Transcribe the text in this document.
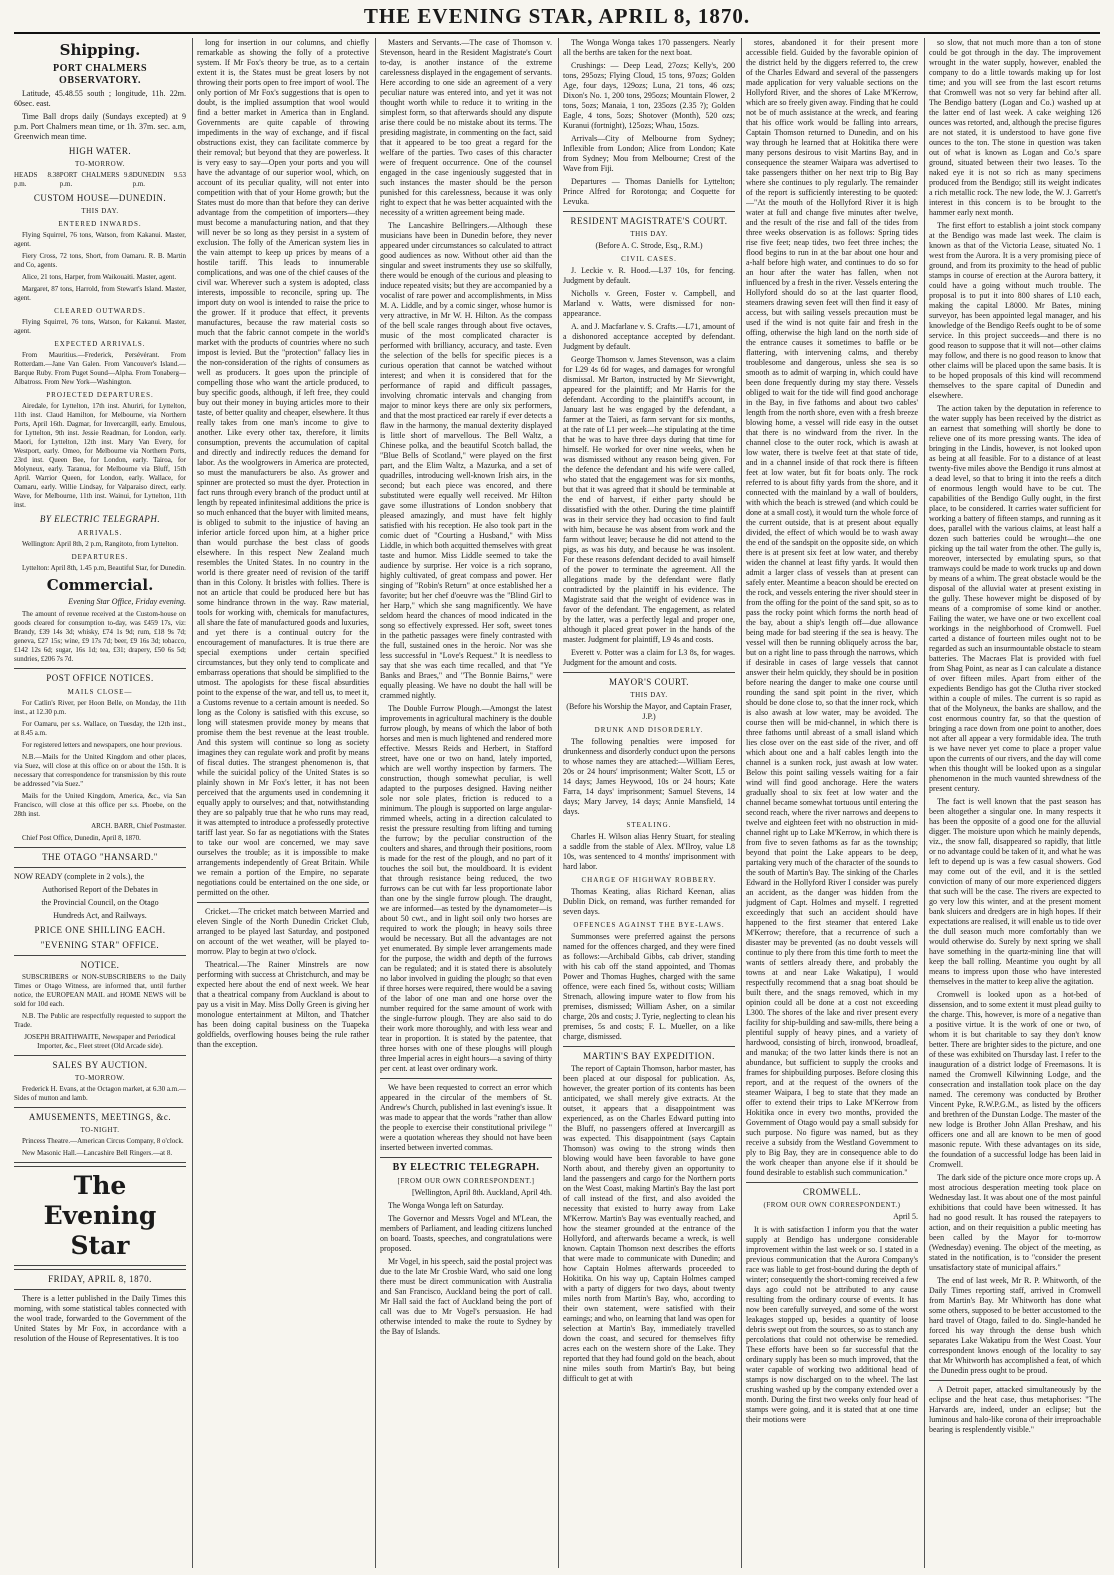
THE EVENING STAR, APRIL 8, 1870.
Shipping.
PORT CHALMERS OBSERVATORY.

Latitude, 45.48.55 south ; longitude, 11h. 22m. 60sec. east.

Time Ball drops daily (Sundays excepted) at 9 p.m. Port Chalmers mean time, or 1h. 37m. sec. a.m, Greenwich mean time.

HIGH WATER.
TO-MORROW.
HEADS 8.38 p.m.
PORT CHALMERS 9.8 p.m.
DUNEDIN 9.53 p.m.
CUSTOM HOUSE—DUNEDIN.
THIS DAY.
ENTERED INWARDS.

Flying Squirrel, 76 tons, Watson, from Kakanui. Master, agent.

Fiery Cross, 72 tons, Short, from Oamaru. R. B. Martin and Co, agents.

Alice, 21 tons, Harper, from Waikouaiti. Master, agent.

Margaret, 87 tons, Harrold, from Stewart's Island. Master, agent.

CLEARED OUTWARDS.

Flying Squirrel, 76 tons, Watson, for Kakanui. Master, agent.

EXPECTED ARRIVALS.

From Mauritius.—Frederick, Persévérant. From Rotterdam.—Jane Van Galen. From Vancouver's Island.—Barque Ruby. From Puget Sound—Alpha. From Tonaberg—Albatross. From New York—Washington.

PROJECTED DEPARTURES.

Airedale, for Lyttelton, 17th inst. Ahuriri, for Lyttelton, 11th inst. Claud Hamilton, for Melbourne, via Northern Ports, April 16th. Dagmar, for Invercargill, early. Emulous, for Lyttelton, 9th inst. Jessie Readman, for London, early. Maori, for Lyttelton, 12th inst. Mary Van Every, for Westport, early. Omeo, for Melbourne via Northern Ports, 23rd inst. Queen Bee, for London, early. Tairoa, for Molyneux, early. Taranua, for Melbourne via Bluff, 15th April. Warrior Queen, for London, early. Wallace, for Oamaru, early. Willie Lindsay, for Valparaiso direct, early. Wave, for Melbourne, 11th inst. Wainui, for Lyttelton, 11th inst.

BY ELECTRIC TELEGRAPH.
ARRIVALS.

Wellington: April 8th, 2 p.m, Rangitoto, from Lyttelton.

DEPARTURES.

Lyttelton: April 8th, 1.45 p.m, Beautiful Star, for Dunedin.

Commercial.

Evening Star Office, Friday evening.

The amount of revenue received at the Custom-house on goods cleared for consumption to-day, was £459 17s, viz: Brandy, £39 14s 3d; whisky, £74 1s 9d; rum, £18 9s 7d; geneva, £27 15s; wine, £9 17s 7d; beer, £9 16s 3d; tobacco, £142 12s 6d; sugar, 16s 1d; tea, £31; drapery, £50 6s 5d; sundries, £206 7s 7d.

POST OFFICE NOTICES.
MAILS CLOSE—

For Catlin's River, per Hoon Belle, on Monday, the 11th inst., at 12.30 p.m.

For Oamaru, per s.s. Wallace, on Tuesday, the 12th inst., at 8.45 a.m.

For registered letters and newspapers, one hour previous.

N.B.—Mails for the United Kingdom and other places, via Suez, will close at this office on or about the 15th. It is necessary that correspondence for transmission by this route be addressed "via Suez."

Mails for the United Kingdom, America, &c., via San Francisco, will close at this office per s.s. Phoebe, on the 28th inst.

ARCH. BARR, Chief Postmaster.

Chief Post Office, Dunedin, April 8, 1870.

THE OTAGO "HANSARD."

NOW READY (complete in 2 vols.), the

Authorised Report of the Debates in

the Provincial Council, on the Otago

Hundreds Act, and Railways.

PRICE ONE SHILLING EACH.
"EVENING STAR" OFFICE.
NOTICE.

SUBSCRIBERS or NON-SUBSCRIBERS to the Daily Times or Otago Witness, are informed that, until further notice, the EUROPEAN MAIL and HOME NEWS will be sold for 10d each.

N.B. The Public are respectfully requested to support the Trade.

JOSEPH BRAITHWAITE, Newspaper and Periodical Importer, &c., Fleet street (Old Arcade side).

SALES BY AUCTION.
TO-MORROW.

Frederick H. Evans, at the Octagon market, at 6.30 a.m.—Sides of mutton and lamb.

AMUSEMENTS, MEETINGS, &c.
TO-NIGHT.

Princess Theatre.—American Circus Company, 8 o'clock.

New Masonic Hall.—Lancashire Bell Ringers.—at 8.

The Evening Star
FRIDAY, APRIL 8, 1870.

There is a letter published in the Daily Times this morning, with some statistical tables connected with the wool trade, forwarded to the Government of the United States by Mr Fox, in accordance with a resolution of the House of Representatives. It is too

long for insertion in our columns, and chiefly remarkable as showing the folly of a protective system. If Mr Fox's theory be true, as to a certain extent it is, the States must be great losers by not throwing their ports open to free import of wool. The only portion of Mr Fox's suggestions that is open to doubt, is the implied assumption that wool would find a better market in America than in England. Governments are quite capable of throwing impediments in the way of exchange, and if fiscal obstructions exist, they can facilitate commerce by their removal; but beyond that they are powerless. It is very easy to say—Open your ports and you will have the advantage of our superior wool, which, on account of its peculiar quality, will not enter into competition with that of your Home growth; but the States must do more than that before they can derive advantage from the competition of importers—they must become a manufacturing nation, and that they will never be so long as they persist in a system of exclusion. The folly of the American system lies in the vain attempt to keep up prices by means of a hostile tariff. This leads to innumerable complications, and was one of the chief causes of the civil war. Wherever such a system is adopted, class interests, impossible to reconcile, spring up. The import duty on wool is intended to raise the price to the grower. If it produce that effect, it prevents manufactures, because the raw material costs so much that the fabric cannot compete in the world's market with the products of countries where no such impost is levied. But the "protection" fallacy lies in the non-consideration of the rights of consumers as well as producers. It goes upon the principle of compelling those who want the article produced, to buy specific goods, although, if left free, they could buy out their money in buying articles more to their taste, of better quality and cheaper, elsewhere. It thus really takes from one man's income to give to another. Like every other tax, therefore, it limits consumption, prevents the accumulation of capital and directly and indirectly reduces the demand for labor. As the woolgrowers in America are protected, so must the manufacturers be also. As grower and spinner are protected so must the dyer. Protection in fact runs through every branch of the product until at length by repeated infinitesimal additions the price is so much enhanced that the buyer with limited means, is obliged to submit to the injustice of having an inferior article forced upon him, at a higher price than would purchase the best class of goods elsewhere. In this respect New Zealand much resembles the United States. In no country in the world is there greater need of revision of the tariff than in this Colony. It bristles with follies. There is not an article that could be produced here but has some hindrance thrown in the way. Raw material, tools for working with, chemicals for manufactures, all share the fate of manufactured goods and luxuries, and yet there is a continual outcry for the encouragement of manufactures. It is true there are special exemptions under certain specified circumstances, but they only tend to complicate and embarrass operations that should be simplified to the utmost. The apologists for these fiscal absurdities point to the expense of the war, and tell us, to meet it, a Customs revenue to a certain amount is needed. So long as the Colony is satisfied with this excuse, so long will statesmen provide money by means that promise them the best revenue at the least trouble. And this system will continue so long as society imagines they can regulate work and profit by means of fiscal duties. The strangest phenomenon is, that while the suicidal policy of the United States is so plainly shown in Mr Fox's letter, it has not been perceived that the arguments used in condemning it equally apply to ourselves; and that, notwithstanding they are so palpably true that he who runs may read, it was attempted to introduce a professedly protective tariff last year. So far as negotiations with the States to take our wool are concerned, we may save ourselves the trouble; as it is impossible to make arrangements independently of Great Britain. While we remain a portion of the Empire, no separate negotiations could be entertained on the one side, or permitted on the other.

Cricket.—The cricket match between Married and eleven Single of the North Dunedin Cricket Club, arranged to be played last Saturday, and postponed on account of the wet weather, will be played to-morrow. Play to begin at two o'clock.

Theatrical.—The Rainer Minstrels are now performing with success at Christchurch, and may be expected here about the end of next week. We hear that a theatrical company from Auckland is about to pay us a visit in May. Miss Dolly Green is giving her monologue entertainment at Milton, and Thatcher has been doing capital business on the Tuapeka goldfields, overflowing houses being the rule rather than the exception.

Masters and Servants.—The case of Thomson v. Stevenson, heard in the Resident Magistrate's Court to-day, is another instance of the extreme carelessness displayed in the engagement of servants. Here according to one side an agreement of a very peculiar nature was entered into, and yet it was not thought worth while to reduce it to writing in the simplest form, so that afterwards should any dispute arise there could be no mistake about its terms. The presiding magistrate, in commenting on the fact, said that it appeared to be too great a regard for the welfare of the parties. Two cases of this character were of frequent occurrence. One of the counsel engaged in the case ingeniously suggested that in such instances the master should be the person punished for this carelessness, because it was only right to expect that he was better acquainted with the necessity of a written agreement being made.

The Lancashire Bellringers.—Although these musicians have been in Dunedin before, they never appeared under circumstances so calculated to attract good audiences as now. Without other aid than the singular and sweet instruments they use so skilfully, there would be enough of the curious and pleasing to induce repeated visits; but they are accompanied by a vocalist of rare power and accomplishments, in Miss M. A. Liddle, and by a comic singer, whose humor is very attractive, in Mr W. H. Hilton. As the compass of the bell scale ranges through about five octaves, music of the most complicated character is performed with brilliancy, accuracy, and taste. Even the selection of the bells for specific pieces is a curious operation that cannot be watched without interest; and when it is considered that for the performance of rapid and difficult passages, involving chromatic intervals and changing from major to minor keys there are only six performers, and that the most practiced ear rarely if ever detects a flaw in the harmony, the manual dexterity displayed is little short of marvellous. The Bell Waltz, a Chinese polka, and the beautiful Scotch ballad, the "Blue Bells of Scotland," were played on the first part, and the Elim Waltz, a Mazurka, and a set of quadrilles, introducing well-known Irish airs, in the second; but each piece was encored, and there substituted were equally well received. Mr Hilton gave some illustrations of London snobbery that pleased amazingly, and must have felt highly satisfied with his reception. He also took part in the comic duet of "Courting a Husband," with Miss Liddle, in which both acquitted themselves with great taste and humor. Miss Liddle seemed to take the audience by surprise. Her voice is a rich soprano, highly cultivated, of great compass and power. Her singing of "Robin's Return" at once established her a favorite; but her chef d'oeuvre was the "Blind Girl to her Harp," which she sang magnificently. We have seldom heard the chances of mood indicated in the song so effectively expressed. Her soft, sweet tones in the pathetic passages were finely contrasted with the full, sustained ones in the heroic. Nor was she less successful in "Love's Request." It is needless to say that she was each time recalled, and that "Ye Banks and Braes," and "The Bonnie Bairns," were equally pleasing. We have no doubt the hall will be crammed nightly.

The Double Furrow Plough.—Amongst the latest improvements in agricultural machinery is the double furrow plough, by means of which the labor of both horses and men is much lightened and rendered more effective. Messrs Reids and Herbert, in Stafford street, have one or two on hand, lately imported, which are well worthy inspection by farmers. The construction, though somewhat peculiar, is well adapted to the purposes designed. Having neither sole nor sole plates, friction is reduced to a minimum. The plough is supported on large angular-rimmed wheels, acting in a direction calculated to resist the pressure resulting from lifting and turning the furrow; by the peculiar construction of the coulters and shares, and through their positions, room is made for the rest of the plough, and no part of it touches the soil but, the mouldboard. It is evident that through resistance being reduced, the two furrows can be cut with far less proportionate labor than one by the single furrow plough. The draught, we are informed—as tested by the dynamometer—is about 50 cwt., and in light soil only two horses are required to work the plough; in heavy soils three would be necessary. But all the advantages are not yet enumerated. By simple lever arrangements made for the purpose, the width and depth of the furrows can be regulated; and it is stated there is absolutely no labor involved in guiding the plough; so that even if three horses were required, there would be a saving of the labor of one man and one horse over the number required for the same amount of work with the single-furrow plough. They are also said to do their work more thoroughly, and with less wear and tear in proportion. It is stated by the patentee, that three horses with one of these ploughs will plough three Imperial acres in eight hours—a saving of thirty per cent. at least over ordinary work.

We have been requested to correct an error which appeared in the circular of the members of St. Andrew's Church, published in last evening's issue. It was made to appear that the words "rather than allow the people to exercise their constitutional privilege " were a quotation whereas they should not have been inserted between inverted commas.

BY ELECTRIC TELEGRAPH.
[FROM OUR OWN CORRESPONDENT.]

[Wellington, April 8th. Auckland, April 4th.

The Wonga Wonga left on Saturday.

The Governor and Messrs Vogel and M'Lean, the members of Parliament, and leading citizens lunched on board. Toasts, speeches, and congratulations were proposed.

Mr Vogel, in his speech, said the postal project was due to the late Mr Crosbie Ward, who said one long there must be direct communication with Australia and San Francisco, Auckland being the port of call. Mr Hall said the fact of Auckland being the port of call was due to Mr Vogel's persuasion. He had otherwise intended to make the route to Sydney by the Bay of Islands.

The Wonga Wonga takes 170 passengers. Nearly all the berths are taken for the next boat.

Crushings: — Deep Lead, 27ozs; Kelly's, 200 tons, 295ozs; Flying Cloud, 15 tons, 97ozs; Golden Age, four days, 129ozs; Luna, 21 tons, 46 ozs; Dixon's No. 1, 200 tons, 295ozs; Mountain Flower, 2 tons, 5ozs; Manaia, 1 ton, 235ozs (2.35 ?); Golden Eagle, 4 tons, 5ozs; Shotover (Month), 520 ozs; Kuranui (fortnight), 125ozs; Whau, 15ozs.

Arrivals—City of Melbourne from Sydney; Inflexible from London; Alice from London; Kate from Sydney; Mou from Melbourne; Crest of the Wave from Fiji.

Departures — Thomas Daniells for Lyttelton; Prince Alfred for Rorotonga; and Coquette for Levuka.

RESIDENT MAGISTRATE'S COURT.
THIS DAY.

(Before A. C. Strode, Esq., R.M.)

CIVIL CASES.

J. Leckie v. R. Hood.—L37 10s, for fencing. Judgment by default.

Nicholls v. Green, Foster v. Campbell, and Marland v. Watts, were dismissed for non-appearance.

A. and J. Macfarlane v. S. Crafts.—L71, amount of a dishonored acceptance accepted by defendant. Judgment by default.

George Thomson v. James Stevenson, was a claim for L29 4s 6d for wages, and damages for wrongful dismissal. Mr Barton, instructed by Mr Sievwright, appeared for the plaintiff; and Mr Harris for the defendant. According to the plaintiff's account, in January last he was engaged by the defendant, a farmer at the Taieri, as farm servant for six months, at the rate of L1 per week—he stipulating at the time that he was to have three days during that time for himself. He worked for over nine weeks, when he was dismissed without any reason being given. For the defence the defendant and his wife were called, who stated that the engagement was for six months, but that it was agreed that it should be terminable at the end of harvest, if either party should be dissatisfied with the other. During the time plaintiff was in their service they had occasion to find fault with him, because he was absent from work and the farm without leave; because he did not attend to the pigs, as was his duty, and because he was insolent. For these reasons defendant decided to avail himself of the power to terminate the agreement. All the allegations made by the defendant were flatly contradicted by the plaintiff in his evidence. The Magistrate said that the weight of evidence was in favor of the defendant. The engagement, as related by the latter, was a perfectly legal and proper one, although it placed great power in the hands of the master. Judgment for plaintiff, L9 4s and costs.

Everett v. Potter was a claim for L3 8s, for wages. Judgment for the amount and costs.

MAYOR'S COURT.
THIS DAY.

(Before his Worship the Mayor, and Captain Fraser, J.P.)

DRUNK AND DISORDERLY.

The following penalties were imposed for drunkenness and disorderly conduct upon the persons to whose names they are attached:—William Eeres, 20s or 24 hours' imprisonment; Walter Scott, L5 or 14 days; James Heywood, 10s or 24 hours; Kate Farra, 14 days' imprisonment; Samuel Stevens, 14 days; Mary Jarvey, 14 days; Annie Mansfield, 14 days.

STEALING.

Charles H. Wilson alias Henry Stuart, for stealing a saddle from the stable of Alex. M'Ilroy, value L8 10s, was sentenced to 4 months' imprisonment with hard labor.

CHARGE OF HIGHWAY ROBBERY.

Thomas Keating, alias Richard Keenan, alias Dublin Dick, on remand, was further remanded for seven days.

OFFENCES AGAINST THE BYE-LAWS.

Summonses were preferred against the persons named for the offences charged, and they were fined as follows:—Archibald Gibbs, cab driver, standing with his cab off the stand appointed, and Thomas Power and Thomas Hughes, charged with the same offence, were each fined 5s, without costs; William Strenach, allowing impure water to flow from his premises, dismissed; William Asher, on a similar charge, 20s and costs; J. Tyrie, neglecting to clean his premises, 5s and costs; F. L. Mueller, on a like charge, dismissed.

MARTIN'S BAY EXPEDITION.

The report of Captain Thomson, harbor master, has been placed at our disposal for publication. As, however, the greater portion of its contents has been anticipated, we shall merely give extracts. At the outset, it appears that a disappointment was experienced, as on the Charles Edward putting into the Bluff, no passengers offered at Invercargill as was expected. This disappointment (says Captain Thomson) was owing to the strong winds then blowing would have been favorable to have gone North about, and thereby given an opportunity to land the passengers and cargo for the Northern ports on the West Coast, making Martin's Bay the last port of call instead of the first, and also avoided the necessity that existed to hurry away from Lake M'Kerrow. Martin's Bay was eventually reached, and how the steamer grounded at the entrance of the Hollyford, and afterwards became a wreck, is well known. Captain Thomson next describes the efforts that were made to communicate with Dunedin; and how Captain Holmes afterwards proceeded to Hokitika. On his way up, Captain Holmes camped with a party of diggers for two days, about twenty miles north from Martin's Bay, who, according to their own statement, were satisfied with their earnings; and who, on learning that land was open for selection at Martin's Bay, immediately travelled down the coast, and secured for themselves fifty acres each on the western shore of the Lake. They reported that they had found gold on the beach, about nine miles south from Martin's Bay, but being difficult to get at with

stores, abandoned it for their present more accessible field. Guided by the favorable opinion of the district held by the diggers referred to, the crew of the Charles Edward and several of the passengers made application for very valuable sections on the Hollyford River, and the shores of Lake M'Kerrow, which are so freely given away. Finding that he could not be of much assistance at the wreck, and fearing that his office work would be falling into arrears, Captain Thomson returned to Dunedin, and on his way through he learned that at Hokitika there were many persons desirous to visit Martins Bay, and in consequence the steamer Waipara was advertised to take passengers thither on her next trip to Big Bay where she continues to ply regularly. The remainder of the report is sufficiently interesting to be quoted:—"At the mouth of the Hollyford River it is high water at full and change five minutes after twelve, and the result of the rise and fall of the tides from three weeks observation is as follows: Spring tides rise five feet; neap tides, two feet three inches; the flood begins to run in at the bar about one hour and a-half before high water, and continues to do so for an hour after the water has fallen, when not influenced by a fresh in the river. Vessels entering the Hollyford should do so at the last quarter flood, steamers drawing seven feet will then find it easy of access, but with sailing vessels precaution must be used if the wind is not quite fair and fresh in the offing, otherwise the high land on the north side of the entrance causes it sometimes to baffle or be flattering, with intervening calms, and thereby troublesome and dangerous, unless she sea is so smooth as to admit of warping in, which could have been done frequently during my stay there. Vessels obliged to wait for the tide will find good anchorage in the Bay, in five fathoms and about two cables' length from the north shore, even with a fresh breeze blowing home, a vessel will ride easy in the outset that there is no windward from the river. In the channel close to the outer rock, which is awash at low water, there is twelve feet at that state of tide, and in a channel inside of that rock there is fifteen feet at low water, but fit for boats only. The rock referred to is about fifty yards from the shore, and it connected with the mainland by a wall of boulders, with which the beach is strewed (and which could be done at a small cost), it would turn the whole force of the current outside, that is at present about equally divided, the effect of which would be to wash away the end of the sandspit on the opposite side, on which there is at present six feet at low water, and thereby widen the channel at least fifty yards. It would then admit a larger class of vessels than at present can safely enter. Meantime a beacon should be erected on the rock, and vessels entering the river should steer in from the offing for the point of the sand spit, so as to pass the rocky point which forms the north head of the bay, about a ship's length off—due allowance being made for bad steering if the sea is heavy. The vessel will then be running obliquely across the bar, but on a right line to pass through the narrows, which if desirable in cases of large vessels that cannot answer their helm quickly, they should be in position before nearing the danger to make one course until rounding the sand spit point in the river, which should be done close to, so that the inner rock, which is also awash at low water, may be avoided. The course then will be mid-channel, in which there is three fathoms until abreast of a small island which lies close over on the east side of the river, and off which about one and a half cables length into the channel is a sunken rock, just awash at low water. Below this point sailing vessels waiting for a fair wind will find good anchorage. Here the waters gradually shoal to six feet at low water and the channel became somewhat tortuous until entering the second reach, where the river narrows and deepens to twelve and eighteen feet with no obstruction in mid-channel right up to Lake M'Kerrow, in which there is from five to seven fathoms as far as the township; beyond that point the Lake appears to be deep, partaking very much of the character of the sounds to the south of Martin's Bay. The sinking of the Charles Edward in the Hollyford River I consider was purely an accident, as the danger was hidden from the judgment of Capt. Holmes and myself. I regretted exceedingly that such an accident should have happened to the first steamer that entered Lake M'Kerrow; therefore, that a recurrence of such a disaster may be prevented (as no doubt vessels will continue to ply there from this time forth to meet the wants of settlers already there, and probably the towns at and near Lake Wakatipu), I would respectfully recommend that a snag boat should be built there, and the snags removed, which in my opinion could all be done at a cost not exceeding L300. The shores of the lake and river present every facility for ship-building and saw-mills, there being a plentiful supply of heavy pines, and a variety of hardwood, consisting of birch, ironwood, broadleaf, and manuka; of the two latter kinds there is not an abundance, but sufficient to supply the crooks and frames for shipbuilding purposes. Before closing this report, and at the request of the owners of the steamer Waipara, I beg to state that they made an offer to extend their trips to Lake M'Kerrow from Hokitika once in every two months, provided the Government of Otago would pay a small subsidy for such purpose. No figure was named, but as they receive a subsidy from the Westland Government to ply to Big Bay, they are in consequence able to do the work cheaper than anyone else if it should be found desirable to establish such communication."

CROMWELL.
(FROM OUR OWN CORRESPONDENT.)

April 5.

It is with satisfaction I inform you that the water supply at Bendigo has undergone considerable improvement within the last week or so. I stated in a previous communication that the Aurora Company's race was liable to get frost-bound during the depth of winter; consequently the short-coming received a few days ago could not be attributed to any cause resulting from the ordinary course of events. It has now been carefully surveyed, and some of the worst leakages stopped up, besides a quantity of loose debris swept out from the sources, so as to stanch any percolations that could not otherwise be remedied. These efforts have been so far successful that the ordinary supply has been so much improved, that the water capable of working two additional head of stamps is now discharged on to the wheel. The last crushing washed up by the company extended over a month. During the first two weeks only four head of stamps were going, and it is stated that at one time their motions were

so slow, that not much more than a ton of stone could be got through in the day. The improvement wrought in the water supply, however, enabled the company to do a little towards making up for lost time; and you will see from the last escort returns that Cromwell was not so very far behind after all. The Bendigo battery (Logan and Co.) washed up at the latter end of last week. A cake weighing 126 ounces was retorted, and, although the precise figures are not stated, it is understood to have gone five ounces to the ton. The stone in question was taken out of what is known as Logan and Co.'s spare ground, situated between their two leases. To the naked eye it is not so rich as many specimens produced from the Bendigo; still its weight indicates a rich metallic rock. The new lode, the W. J. Garrett's interest in this concern is to be brought to the hammer early next month.

The first effort to establish a joint stock company at the Bendigo was made last week. The claim is known as that of the Victoria Lease, situated No. 1 west from the Aurora. It is a very promising piece of ground, and from its proximity to the head of public stamps in course of erection at the Aurora battery, it could have a going without much trouble. The proposal is to put it into 800 shares of L10 each, making the capital L8000. Mr Bates, mining surveyor, has been appointed legal manager, and his knowledge of the Bendigo Reefs ought to be of some service. In this project succeeds—and there is no good reason to suppose that it will not—other claims may follow, and there is no good reason to know that other claims will be placed upon the same basis. It is to be hoped proposals of this kind will recommend themselves to the spare capital of Dunedin and elsewhere.

The action taken by the deputation in reference to the water supply has been received by the district as an earnest that something will shortly be done to relieve one of its more pressing wants. The idea of bringing in the Lindis, however, is not looked upon as being at all feasible. For to a distance of at least twenty-five miles above the Bendigo it runs almost at a dead level, so that to bring it into the reefs a ditch of enormous length would have to be cut. The capabilities of the Bendigo Gully ought, in the first place, to be considered. It carries water sufficient for working a battery of fifteen stamps, and running as it does, parallel with the various claims, at least half a dozen such batteries could be wrought—the one picking up the tail water from the other. The gully is, moreover, intersected by emulating spurs, so that tramways could be made to work trucks up and down by means of a whim. The great obstacle would be the disposal of the alluvial water at present existing in the gully. These however might be disposed of by means of a compromise of some kind or another. Failing the water, we have one or two excellent coal workings in the neighborhood of Cromwell. Fuel carted a distance of fourteen miles ought not to be regarded as such an insurmountable obstacle to steam batteries. The Macraes Flat is provided with fuel from Shag Point, as near as I can calculate a distance of over fifteen miles. Apart from either of the expedients Bendigo has got the Clutha river stocked within a couple of miles. The current is so rapid as that of the Molyneux, the banks are shallow, and the cost enormous country far, so that the question of bringing a race down from one point to another, does not after all appear a very formidable idea. The truth is we have never yet come to place a proper value upon the currents of our rivers, and the day will come when this thought will be looked upon as a singular phenomenon in the much vaunted shrewdness of the present century.

The fact is well known that the past season has been altogether a singular one. In many respects it has been the opposite of a good one for the alluvial digger. The moisture upon which he mainly depends, viz., the snow fall, disappeared so rapidly, that little or no advantage could be taken of it, and what he was left to depend up is was a few casual showers. God may come out of the evil, and it is the settled conviction of many of our more experienced diggers that such will be the case. The rivers are expected to go very low this winter, and at the present moment bank sluicers and dredgers are in high hopes. If their expectations are realised, it will enable us to tide over the dull season much more comfortably than we would otherwise do. Surely by next spring we shall have something in the quartz-mining line that will keep the ball rolling. Meantime you ought by all means to impress upon those who have interested themselves in the matter to keep alive the agitation.

Cromwell is looked upon as a hot-bed of dissension, and to some extent it must plead guilty to the charge. This, however, is more of a negative than a positive virtue. It is the work of one or two, of whom it is but charitable to say they don't know better. There are brighter sides to the picture, and one of these was exhibited on Thursday last. I refer to the inauguration of a district lodge of Freemasons. It is named the Cromwell Kilwinning Lodge, and the consecration and installation took place on the day named. The ceremony was conducted by Brother Vincent Pyke, R.W.P.G.M., as listed by the officers and brethren of the Dunstan Lodge. The master of the new lodge is Brother John Allan Preshaw, and his officers one and all are known to be men of good masonic repute. With these advantages on its side, the foundation of a successful lodge has been laid in Cromwell.

The dark side of the picture once more crops up. A most atrocious desperation meeting took place on Wednesday last. It was about one of the most painful exhibitions that could have been witnessed. It has had no good result. It has roused the ratepayers to action, and on their requisition a public meeting has been called by the Mayor for to-morrow (Wednesday) evening. The object of the meeting, as stated in the notification, is to "consider the present unsatisfactory state of municipal affairs."

The end of last week, Mr R. P. Whitworth, of the Daily Times reporting staff, arrived in Cromwell from Martin's Bay. Mr Whitworth has done what some others, supposed to be better accustomed to the hard travel of Otago, failed to do. Single-handed he forced his way through the dense bush which separates Lake Wakatipu from the West Coast. Your correspondent knows enough of the locality to say that Mr Whitworth has accomplished a feat, of which the Dunedin press ought to be proud.

A Detroit paper, attacked simultaneously by the eclipse and the heat case, thus metaphorises: "The Harvards are, indeed, under an eclipse; but the luminous and halo-like corona of their irreproachable bearing is resplendently visible."
